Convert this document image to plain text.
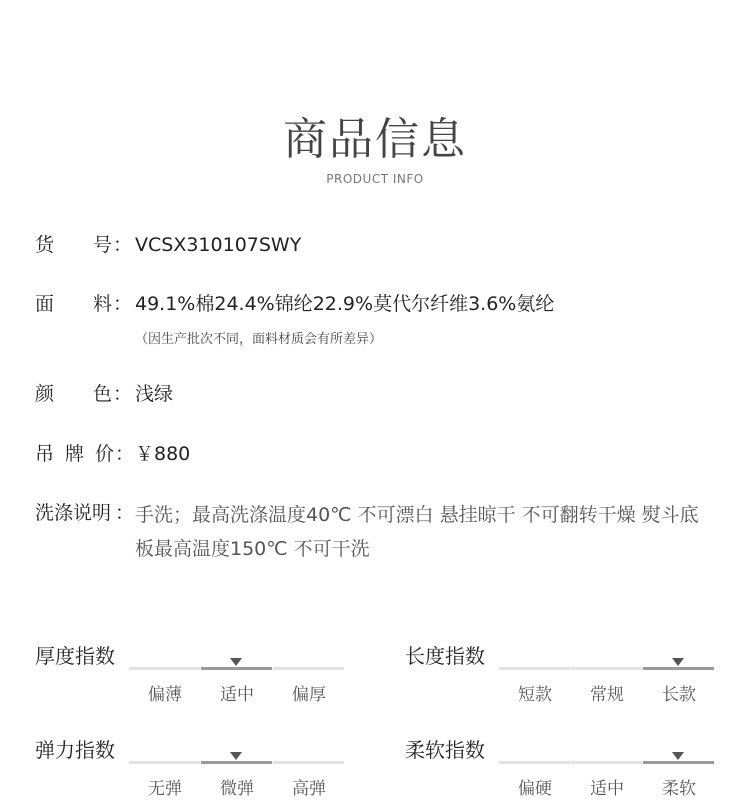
商品信息
PRODUCT INFO
货 号 ： VCSX310107SWY
面 料 ： 49.1%棉24.4%锦纶22.9%莫代尔纤维3.6%氨纶
（因生产批次不同，面料材质会有所差异）
颜 色 ： 浅绿
吊 牌 价 ： ￥880
洗涤说明 ： 手洗；最高洗涤温度40℃ 不可漂白 悬挂晾干 不可翻转干燥 熨斗底板最高温度150℃ 不可干洗
厚度指数
偏薄	适中	偏厚
长度指数
短款	常规	长款
弹力指数
无弹	微弹	高弹
柔软指数
偏硬	适中	柔软
